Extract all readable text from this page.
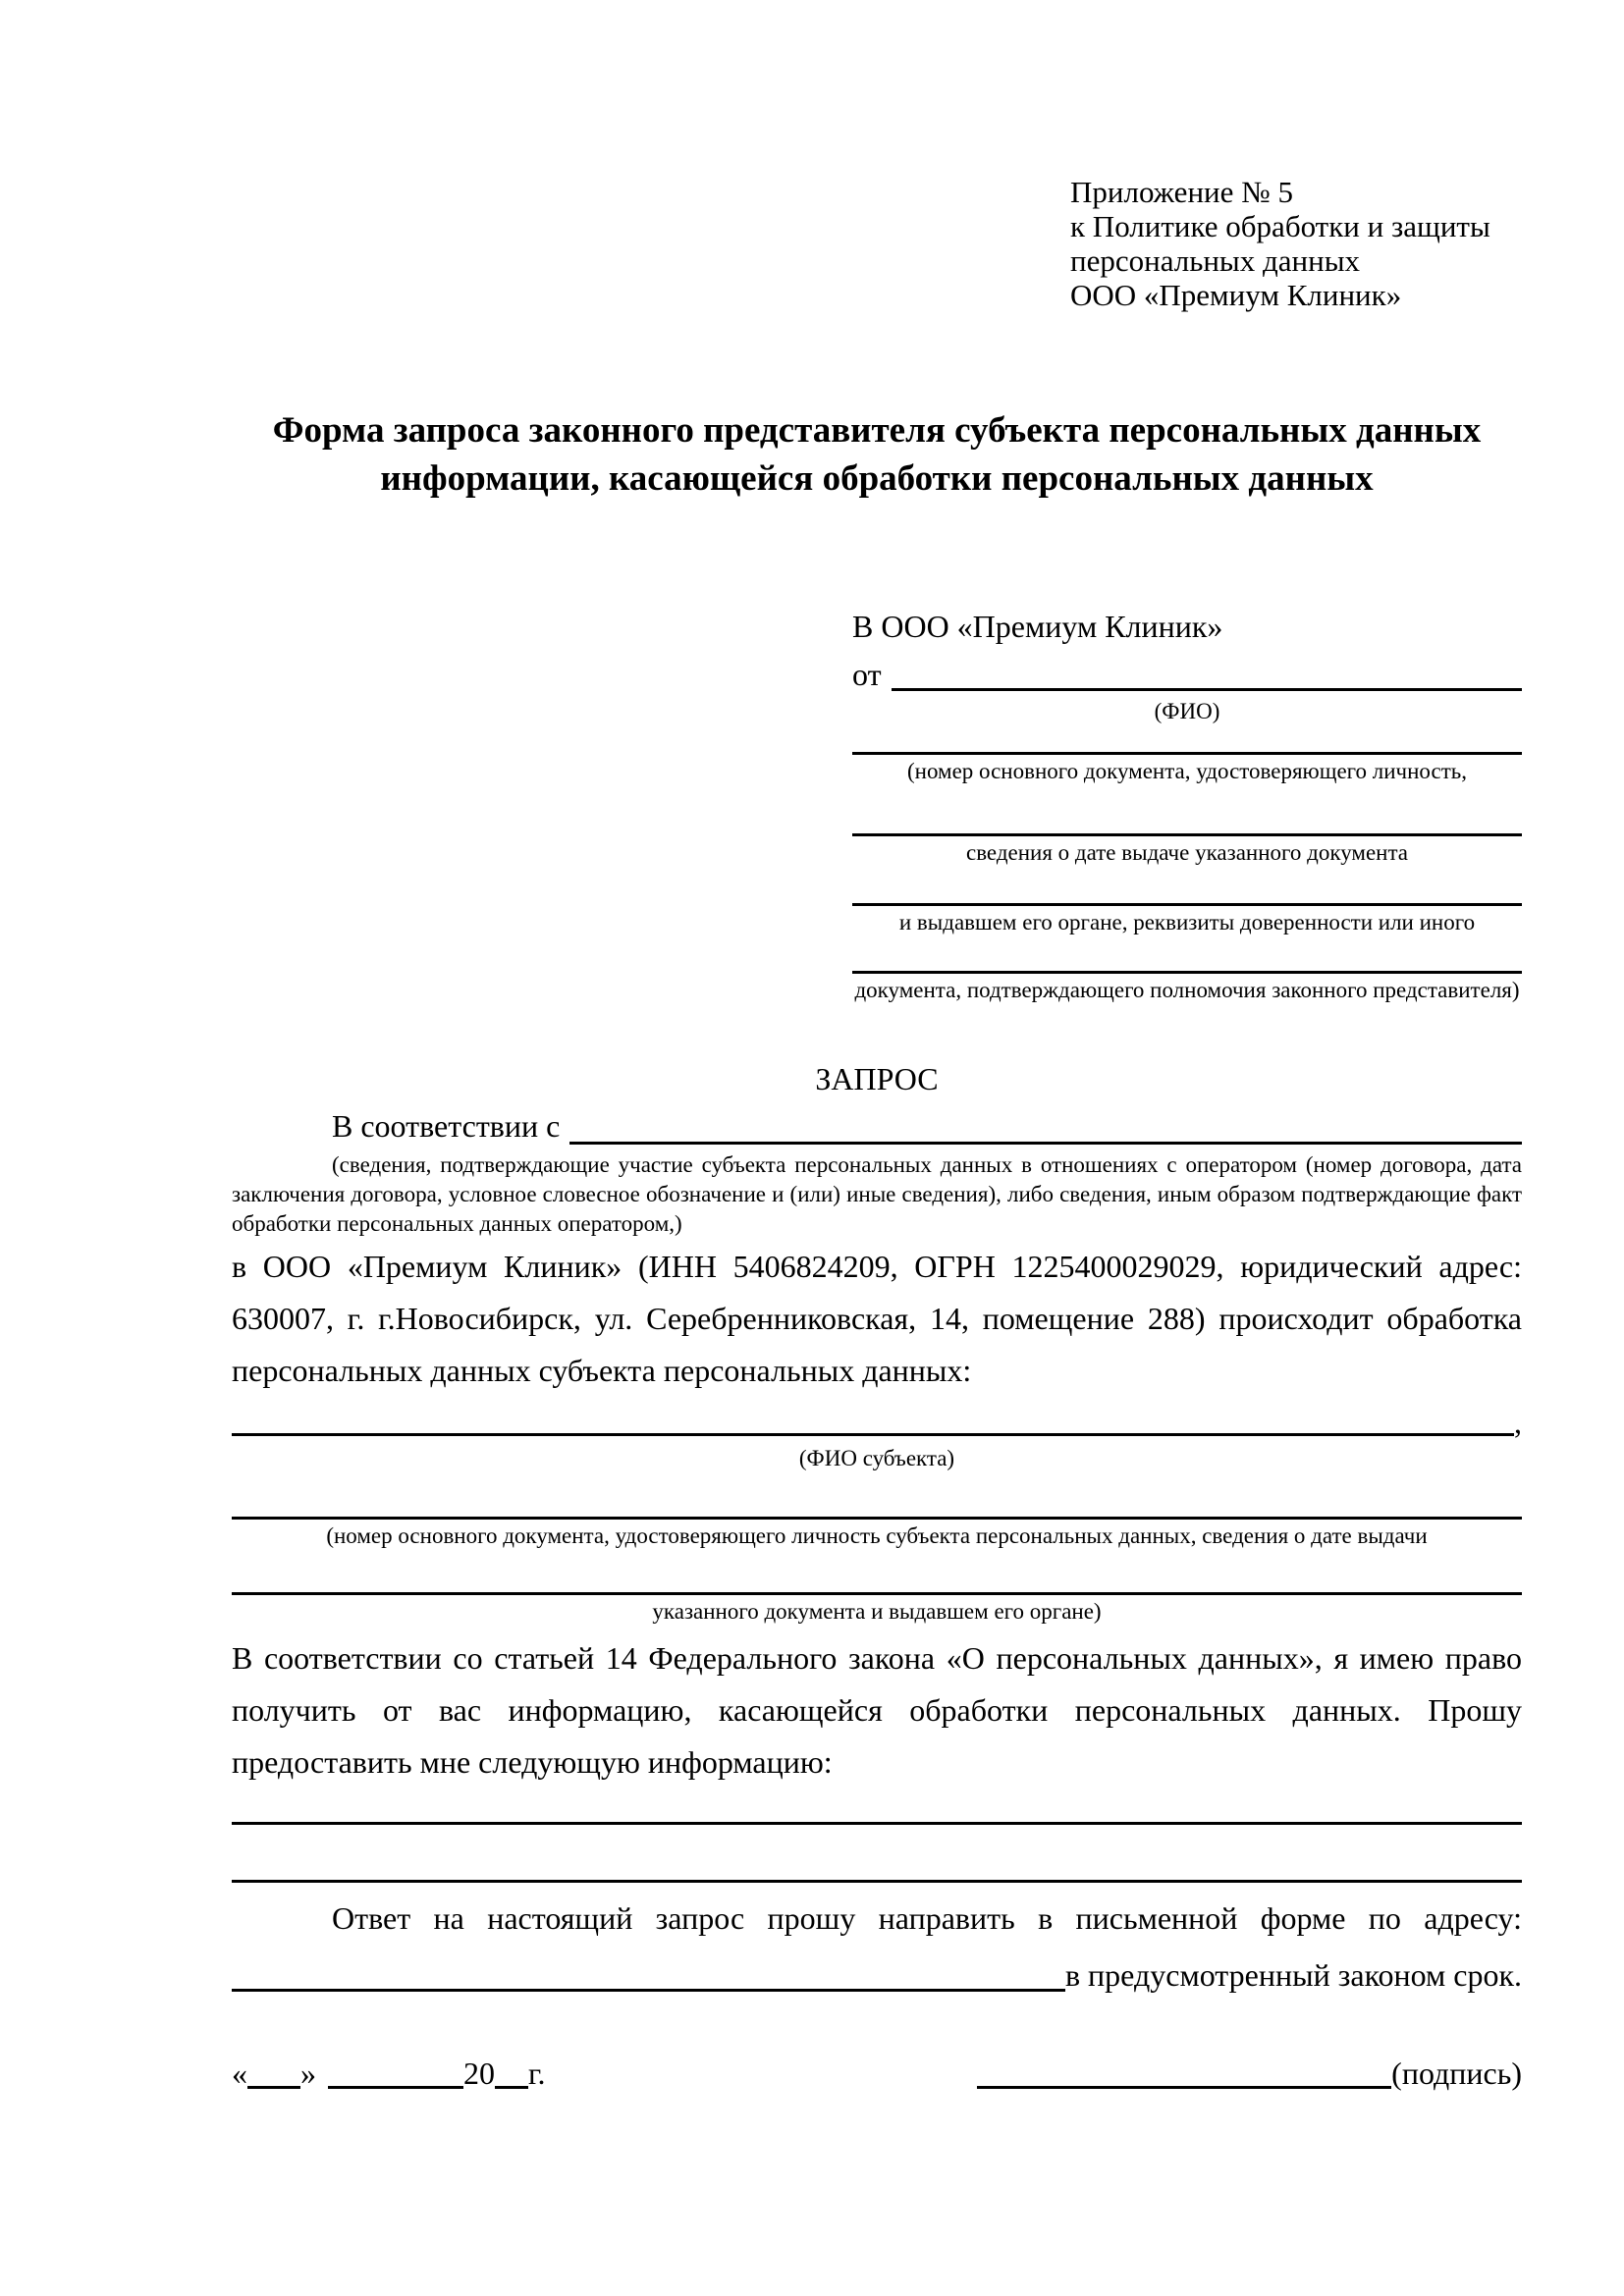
Приложение № 5
к Политике обработки и защиты
персональных данных
ООО «Премиум Клиник»
Форма запроса законного представителя субъекта персональных данных
информации, касающейся обработки персональных данных
В ООО «Премиум Клиник»
от
(ФИО)
(номер основного документа, удостоверяющего личность,
сведения о дате выдаче указанного документа
и выдавшем его органе, реквизиты доверенности или иного
документа, подтверждающего полномочия законного представителя)
ЗАПРОС
В соответствии с

(сведения, подтверждающие участие субъекта персональных данных в отношениях с оператором (номер договора, дата заключения договора, условное словесное обозначение и (или) иные сведения), либо сведения, иным образом подтверждающие факт обработки персональных данных оператором,)

в ООО «Премиум Клиник» (ИНН 5406824209, ОГРН 1225400029029, юридический адрес: 630007, г. г.Новосибирск, ул. Серебренниковская, 14, помещение 288) происходит обработка персональных данных субъекта персональных данных:

,
(ФИО субъекта)
(номер основного документа, удостоверяющего личность субъекта персональных данных, сведения о дате выдачи
указанного документа и выдавшем его органе)

В соответствии со статьей 14 Федерального закона «О персональных данных», я имею право получить от вас информацию, касающейся обработки персональных данных. Прошу предоставить мне следующую информацию:

Ответ на настоящий запрос прошу направить в письменной форме по адресу:
в предусмотренный законом срок.
« »	20 г.	(подпись)
